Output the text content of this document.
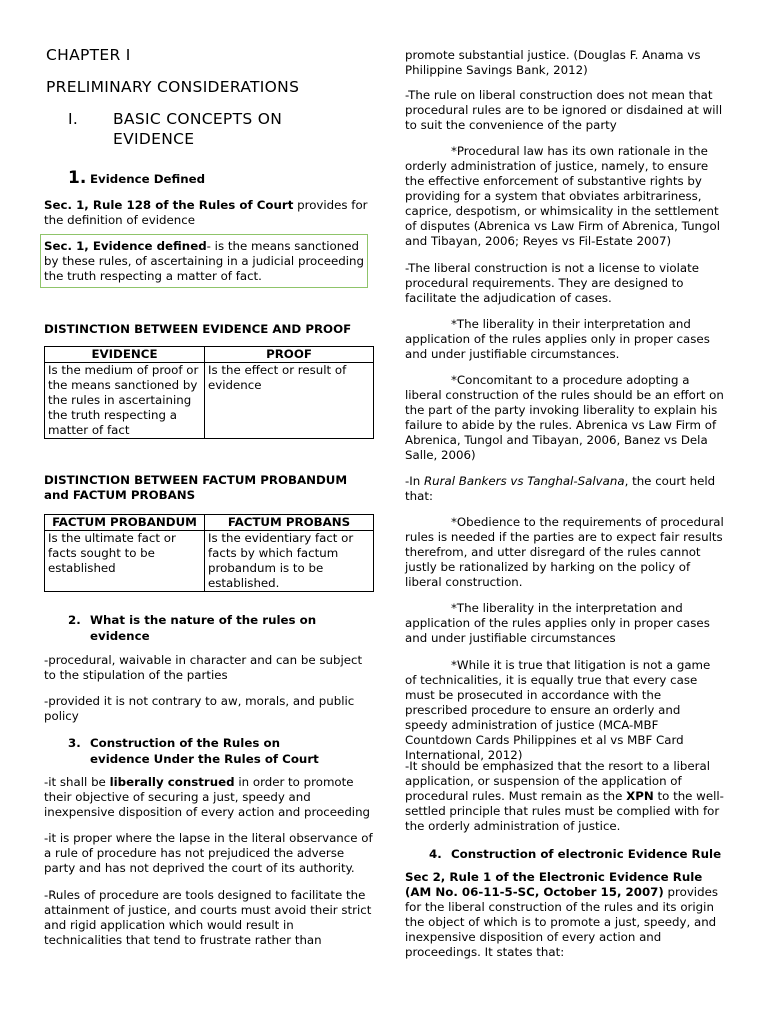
CHAPTER I
PRELIMINARY CONSIDERATIONS
I. BASIC CONCEPTS ON EVIDENCE
1. Evidence Defined

Sec. 1, Rule 128 of the Rules of Court provides for the definition of evidence

Sec. 1, Evidence defined- is the means sanctioned by these rules, of ascertaining in a judicial proceeding the truth respecting a matter of fact.

DISTINCTION BETWEEN EVIDENCE AND PROOF

EVIDENCE	PROOF
Is the medium of proof or the means sanctioned by the rules in ascertaining the truth respecting a matter of fact	Is the effect or result of evidence

DISTINCTION BETWEEN FACTUM PROBANDUM and FACTUM PROBANS

FACTUM PROBANDUM	FACTUM PROBANS
Is the ultimate fact or facts sought to be established	Is the evidentiary fact or facts by which factum probandum is to be established.
2. What is the nature of the rules on evidence

-procedural, waivable in character and can be subject to the stipulation of the parties

-provided it is not contrary to aw, morals, and public policy

3. Construction of the Rules on evidence Under the Rules of Court

-it shall be liberally construed in order to promote their objective of securing a just, speedy and inexpensive disposition of every action and proceeding

-it is proper where the lapse in the literal observance of a rule of procedure has not prejudiced the adverse party and has not deprived the court of its authority.

-Rules of procedure are tools designed to facilitate the attainment of justice, and courts must avoid their strict and rigid application which would result in technicalities that tend to frustrate rather than

promote substantial justice. (Douglas F. Anama vs Philippine Savings Bank, 2012)

-The rule on liberal construction does not mean that procedural rules are to be ignored or disdained at will to suit the convenience of the party

*Procedural law has its own rationale in the orderly administration of justice, namely, to ensure the effective enforcement of substantive rights by providing for a system that obviates arbitrariness, caprice, despotism, or whimsicality in the settlement of disputes (Abrenica vs Law Firm of Abrenica, Tungol and Tibayan, 2006; Reyes vs Fil-Estate 2007)

-The liberal construction is not a license to violate procedural requirements. They are designed to facilitate the adjudication of cases.

*The liberality in their interpretation and application of the rules applies only in proper cases and under justifiable circumstances.

*Concomitant to a procedure adopting a liberal construction of the rules should be an effort on the part of the party invoking liberality to explain his failure to abide by the rules. Abrenica vs Law Firm of Abrenica, Tungol and Tibayan, 2006, Banez vs Dela Salle, 2006)

-In Rural Bankers vs Tanghal-Salvana, the court held that:

*Obedience to the requirements of procedural rules is needed if the parties are to expect fair results therefrom, and utter disregard of the rules cannot justly be rationalized by harking on the policy of liberal construction.

*The liberality in the interpretation and application of the rules applies only in proper cases and under justifiable circumstances

*While it is true that litigation is not a game of technicalities, it is equally true that every case must be prosecuted in accordance with the prescribed procedure to ensure an orderly and speedy administration of justice (MCA-MBF Countdown Cards Philippines et al vs MBF Card International, 2012)

-It should be emphasized that the resort to a liberal application, or suspension of the application of procedural rules. Must remain as the XPN to the well-settled principle that rules must be complied with for the orderly administration of justice.

4. Construction of electronic Evidence Rule

Sec 2, Rule 1 of the Electronic Evidence Rule (AM No. 06-11-5-SC, October 15, 2007) provides for the liberal construction of the rules and its origin the object of which is to promote a just, speedy, and inexpensive disposition of every action and proceedings. It states that:
